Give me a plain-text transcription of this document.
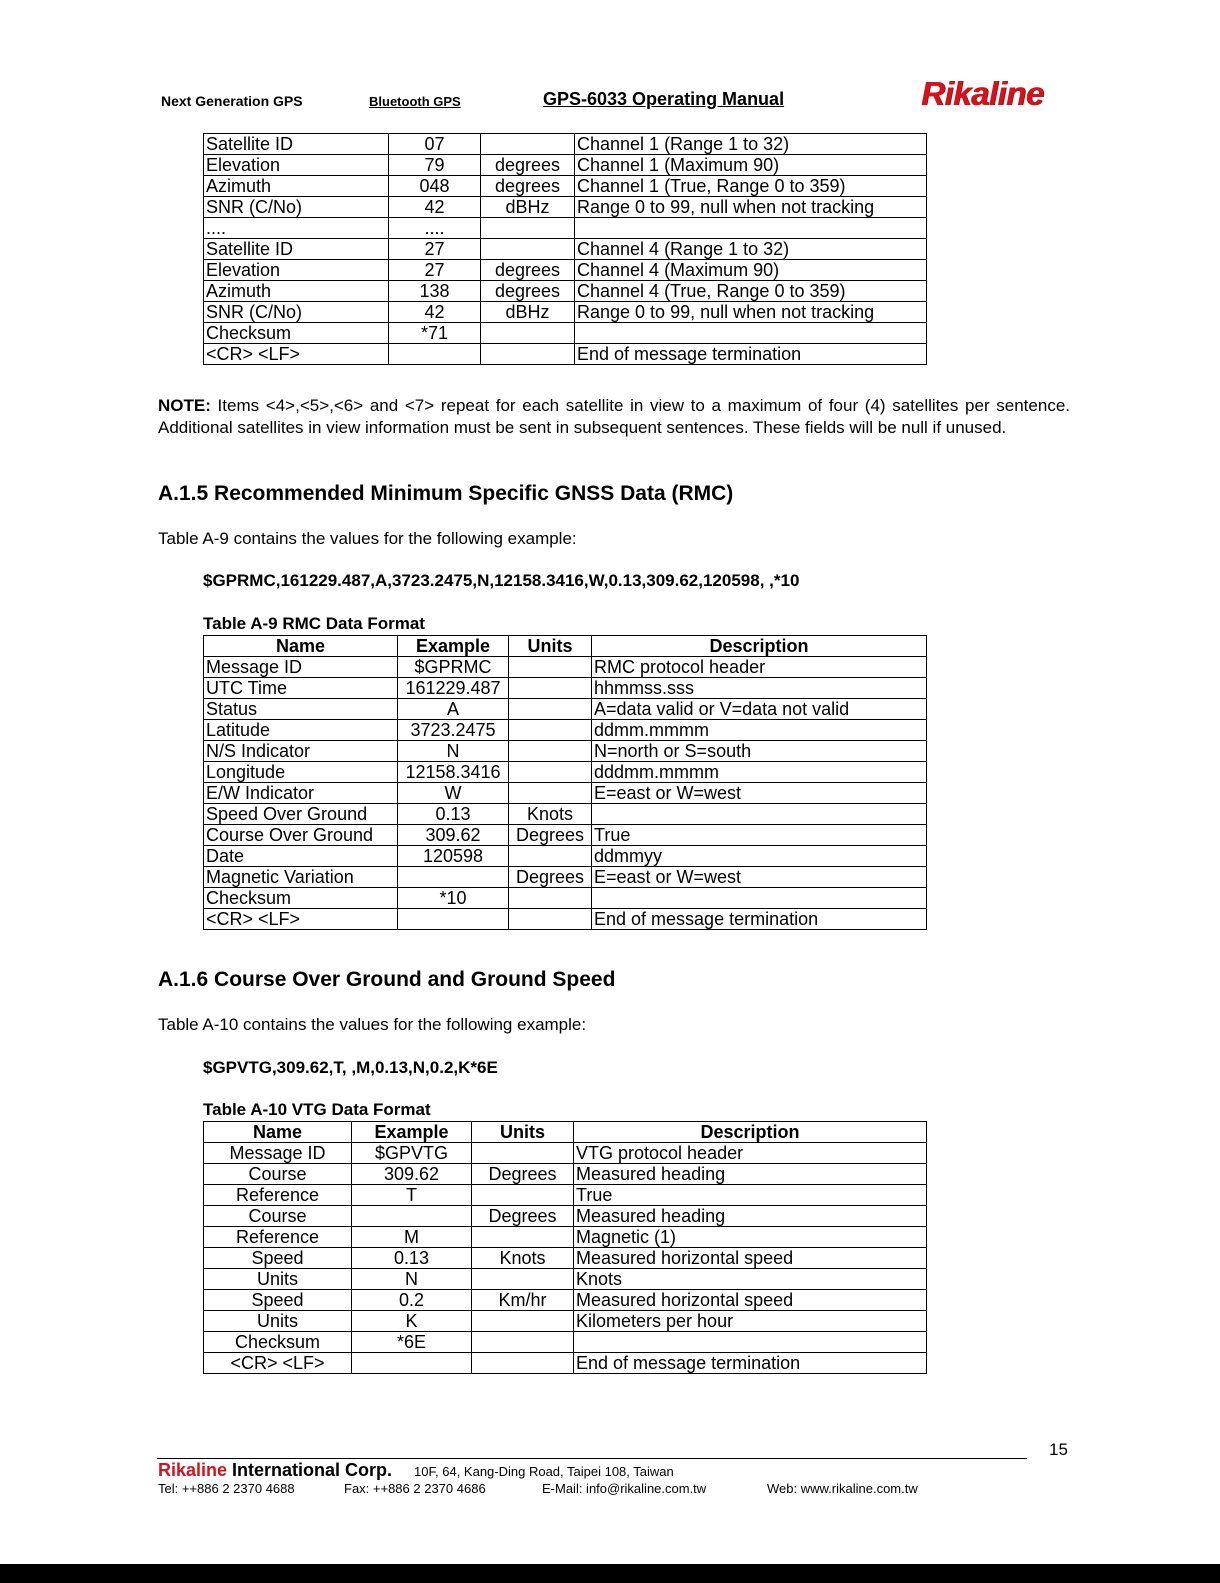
Next Generation GPS	Bluetooth GPS	GPS-6033 Operating Manual	Rikaline
Satellite ID	07		Channel 1 (Range 1 to 32)
Elevation	79	degrees	Channel 1 (Maximum 90)
Azimuth	048	degrees	Channel 1 (True, Range 0 to 359)
SNR (C/No)	42	dBHz	Range 0 to 99, null when not tracking
....	....		
Satellite ID	27		Channel 4 (Range 1 to 32)
Elevation	27	degrees	Channel 4 (Maximum 90)
Azimuth	138	degrees	Channel 4 (True, Range 0 to 359)
SNR (C/No)	42	dBHz	Range 0 to 99, null when not tracking
Checksum	*71		
<CR> <LF>			End of message termination
NOTE: Items <4>,<5>,<6> and <7> repeat for each satellite in view to a maximum of four (4) satellites per sentence. Additional satellites in view information must be sent in subsequent sentences. These fields will be null if unused.
A.1.5 Recommended Minimum Specific GNSS Data (RMC)
Table A-9 contains the values for the following example:
$GPRMC,161229.487,A,3723.2475,N,12158.3416,W,0.13,309.62,120598, ,*10
Table A-9 RMC Data Format
Name	Example	Units	Description
Message ID	$GPRMC		RMC protocol header
UTC Time	161229.487		hhmmss.sss
Status	A		A=data valid or V=data not valid
Latitude	3723.2475		ddmm.mmmm
N/S Indicator	N		N=north or S=south
Longitude	12158.3416		dddmm.mmmm
E/W Indicator	W		E=east or W=west
Speed Over Ground	0.13	Knots	
Course Over Ground	309.62	Degrees	True
Date	120598		ddmmyy
Magnetic Variation		Degrees	E=east or W=west
Checksum	*10		
<CR> <LF>			End of message termination
A.1.6 Course Over Ground and Ground Speed
Table A-10 contains the values for the following example:
$GPVTG,309.62,T, ,M,0.13,N,0.2,K*6E
Table A-10 VTG Data Format
Name	Example	Units	Description
Message ID	$GPVTG		VTG protocol header
Course	309.62	Degrees	Measured heading
Reference	T		True
Course		Degrees	Measured heading
Reference	M		Magnetic (1)
Speed	0.13	Knots	Measured horizontal speed
Units	N		Knots
Speed	0.2	Km/hr	Measured horizontal speed
Units	K		Kilometers per hour
Checksum	*6E		
<CR> <LF>			End of message termination
15
Rikaline International Corp. 10F, 64, Kang-Ding Road, Taipei 108, Taiwan
Tel: ++886 2 2370 4688	Fax: ++886 2 2370 4686	E-Mail: info@rikaline.com.tw	Web: www.rikaline.com.tw
